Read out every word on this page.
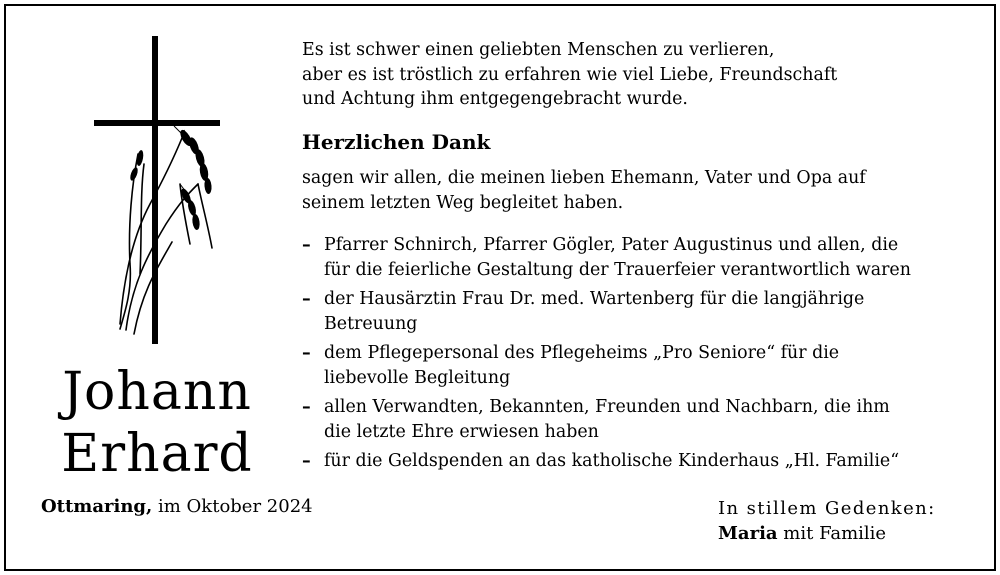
Johann
Erhard
Ottmaring, im Oktober 2024
Es ist schwer einen geliebten Menschen zu verlieren,
aber es ist tröstlich zu erfahren wie viel Liebe, Freundschaft
und Achtung ihm entgegengebracht wurde.
Herzlichen Dank
sagen wir allen, die meinen lieben Ehemann, Vater und Opa auf
seinem letzten Weg begleitet haben.
– Pfarrer Schnirch, Pfarrer Gögler, Pater Augustinus und allen, die
für die feierliche Gestaltung der Trauerfeier verantwortlich waren
– der Hausärztin Frau Dr. med. Wartenberg für die langjährige
Betreuung
– dem Pflegepersonal des Pflegeheims „Pro Seniore“ für die
liebevolle Begleitung
– allen Verwandten, Bekannten, Freunden und Nachbarn, die ihm
die letzte Ehre erwiesen haben
– für die Geldspenden an das katholische Kinderhaus „Hl. Familie“
In stillem Gedenken:
Maria mit Familie
